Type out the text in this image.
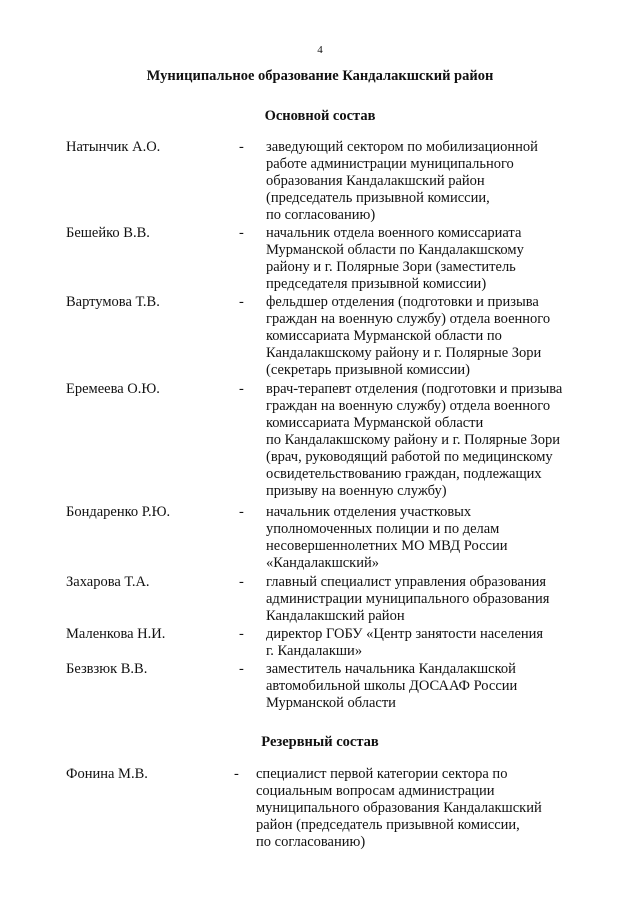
4
Муниципальное образование Кандалакшский район
Основной состав
Натынчик А.О.	- заведующий сектором по мобилизационной
работе администрации муниципального
образования Кандалакшский район
(председатель призывной комиссии,
по согласованию)
Бешейко В.В.	- начальник отдела военного комиссариата
Мурманской области по Кандалакшскому
району и г. Полярные Зори (заместитель
председателя призывной комиссии)
Вартумова Т.В.	- фельдшер отделения (подготовки и призыва
граждан на военную службу) отдела военного
комиссариата Мурманской области по
Кандалакшскому району и г. Полярные Зори
(секретарь призывной комиссии)
Еремеева О.Ю.	- врач-терапевт отделения (подготовки и призыва
граждан на военную службу) отдела военного
комиссариата Мурманской области
по Кандалакшскому району и г. Полярные Зори
(врач, руководящий работой по медицинскому
освидетельствованию граждан, подлежащих
призыву на военную службу)
Бондаренко Р.Ю.	- начальник отделения участковых
уполномоченных полиции и по делам
несовершеннолетних МО МВД России
«Кандалакшский»
Захарова Т.А.	- главный специалист управления образования
администрации муниципального образования
Кандалакшский район
Маленкова Н.И.	- директор ГОБУ «Центр занятости населения
г. Кандалакши»
Безвзюк В.В.	- заместитель начальника Кандалакшской
автомобильной школы ДОСААФ России
Мурманской области
Резервный состав
Фонина М.В.	- специалист первой категории сектора по
социальным вопросам администрации
муниципального образования Кандалакшский
район (председатель призывной комиссии,
по согласованию)
